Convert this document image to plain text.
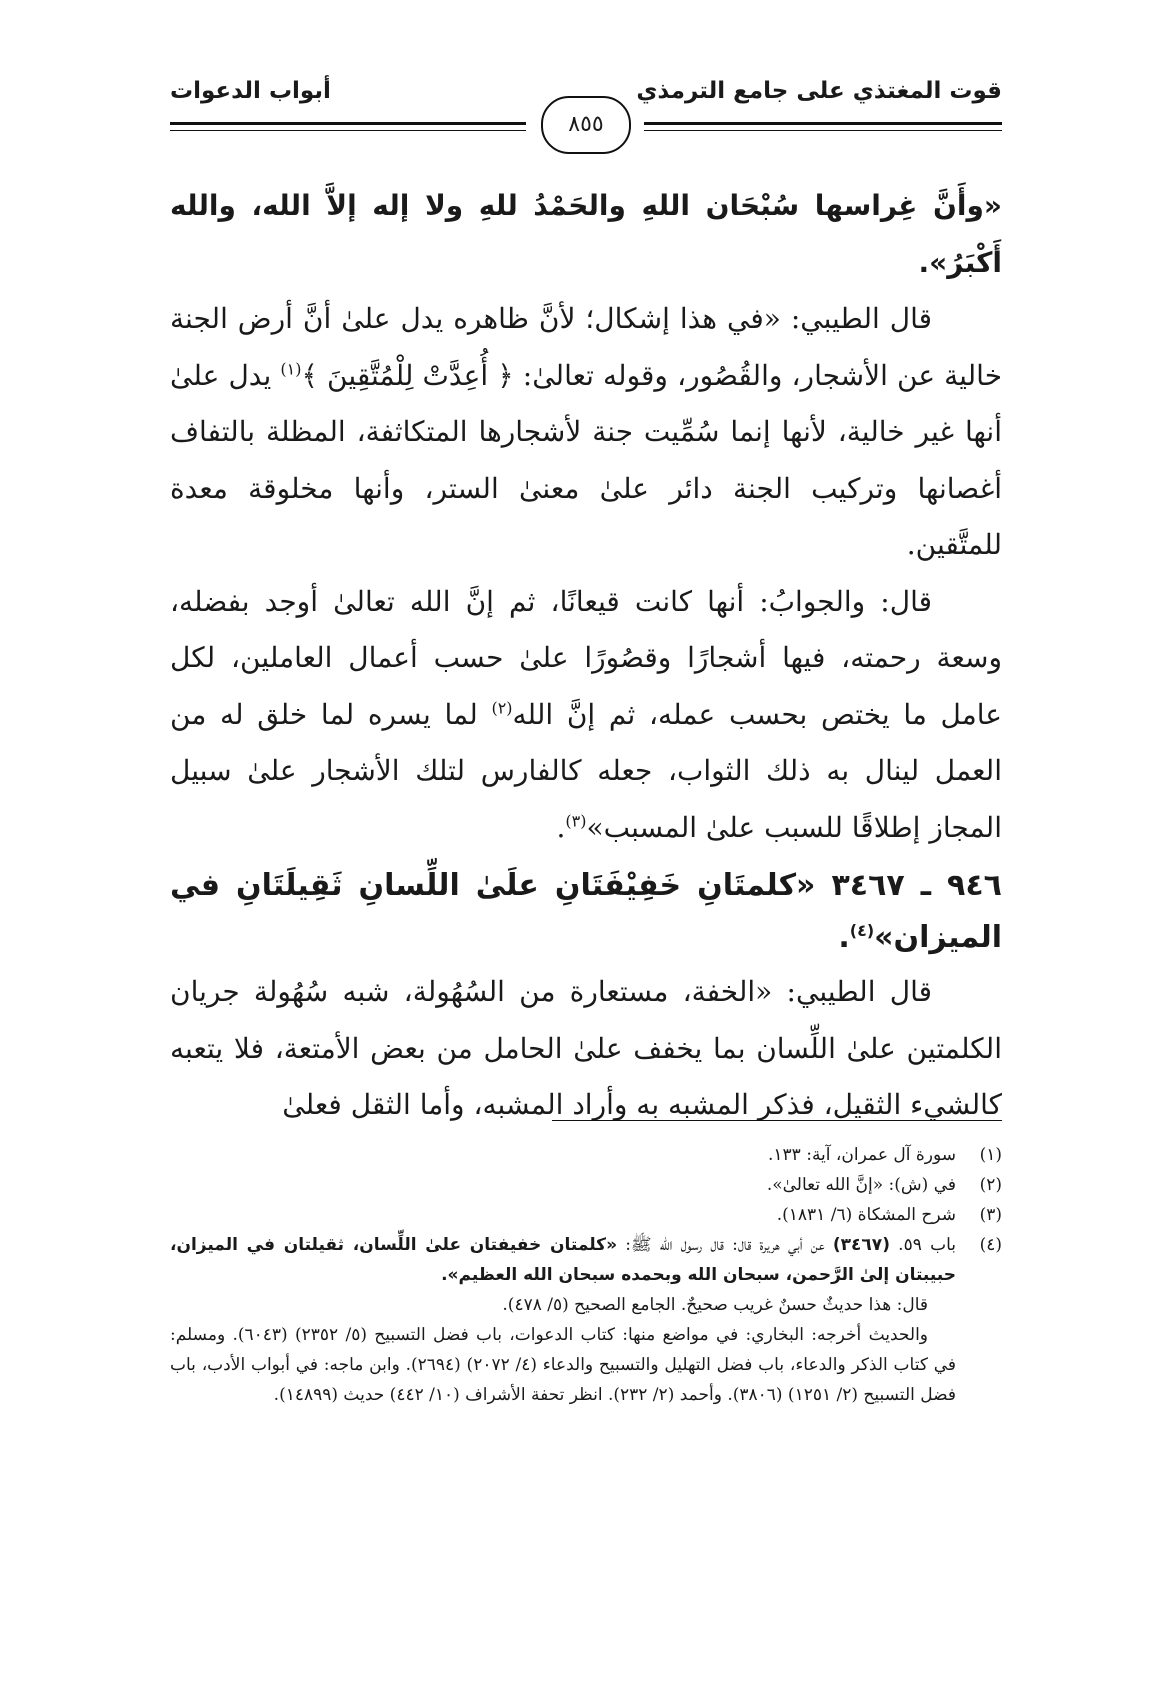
قوت المغتذي على جامع الترمذي
أبواب الدعوات
٨٥٥

«وأَنَّ غِراسها سُبْحَان اللهِ والحَمْدُ للهِ ولا إله إلاَّ الله، والله أَكْبَرُ».

قال الطيبي: «في هذا إشكال؛ لأنَّ ظاهره يدل علىٰ أنَّ أرض الجنة خالية عن الأشجار، والقُصُور، وقوله تعالىٰ: ﴿ أُعِدَّتْ لِلْمُتَّقِينَ ﴾$^{(١)}$ يدل علىٰ أنها غير خالية، لأنها إنما سُمِّيت جنة لأشجارها المتكاثفة، المظلة بالتفاف أغصانها وتركيب الجنة دائر علىٰ معنىٰ الستر، وأنها مخلوقة معدة للمتَّقين.

قال: والجوابُ: أنها كانت قيعانًا، ثم إنَّ الله تعالىٰ أوجد بفضله، وسعة رحمته، فيها أشجارًا وقصُورًا علىٰ حسب أعمال العاملين، لكل عامل ما يختص بحسب عمله، ثم إنَّ الله$^{(٢)}$ لما يسره لما خلق له من العمل لينال به ذلك الثواب، جعله كالفارس لتلك الأشجار علىٰ سبيل المجاز إطلاقًا للسبب علىٰ المسبب»$^{(٣)}$.

٩٤٦ ـ ٣٤٦٧ «كلمتَانِ خَفِيْفَتَانِ علَىٰ اللِّسانِ ثَقِيلَتَانِ في الميزان»$^{(٤)}$.

قال الطيبي: «الخفة، مستعارة من السُهُولة، شبه سُهُولة جريان الكلمتين علىٰ اللِّسان بما يخفف علىٰ الحامل من بعض الأمتعة، فلا يتعبه كالشيء الثقيل، فذكر المشبه به وأراد المشبه، وأما الثقل فعلىٰ

(١)
سورة آل عمران، آية: ١٣٣.
(٢)
في (ش): «إنَّ الله تعالىٰ».
(٣)
شرح المشكاة (٦/ ١٨٣١).
(٤)
باب ٥٩. (٣٤٦٧) عن أبي هريرة قال: قال رسول الله ﷺ: «كلمتان خفيفتان علىٰ اللِّسان، ثقيلتان في الميزان، حبيبتان إلىٰ الرَّحمن، سبحان الله وبحمده سبحان الله العظيم».
قال: هذا حديثٌ حسنٌ غريب صحيحٌ. الجامع الصحيح (٥/ ٤٧٨).
والحديث أخرجه: البخاري: في مواضع منها: كتاب الدعوات، باب فضل التسبيح (٥/ ٢٣٥٢) (٦٠٤٣). ومسلم: في كتاب الذكر والدعاء، باب فضل التهليل والتسبيح والدعاء (٤/ ٢٠٧٢) (٢٦٩٤). وابن ماجه: في أبواب الأدب، باب فضل التسبيح (٢/ ١٢٥١) (٣٨٠٦). وأحمد (٢/ ٢٣٢). انظر تحفة الأشراف (١٠/ ٤٤٢) حديث (١٤٨٩٩).
